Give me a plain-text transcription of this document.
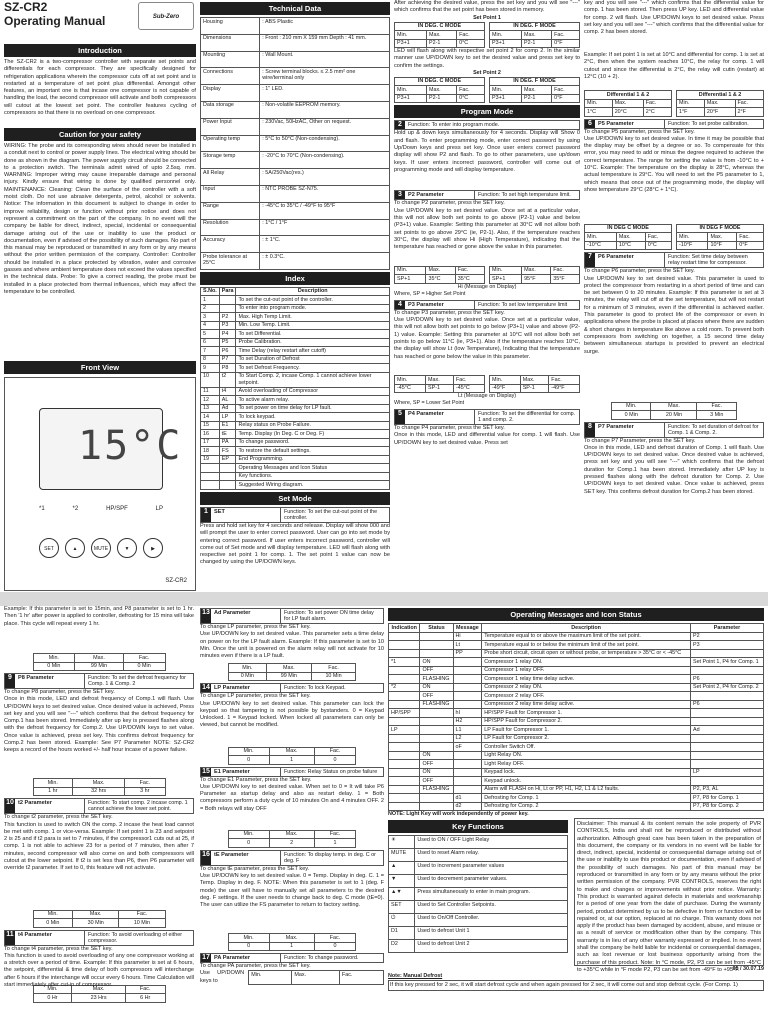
SZ-CR2
Operating Manual	Sub-Zero
Introduction
The SZ-CR2 is a two-compressor controller with separate set points and differentials for each compressor. They are specifically designed for refrigeration applications wherein the compressor cuts off at set point and is restarted at a temperature of set point plus differential. Amongst other features, an important one is that incase one compressor is not capable of handling the load, the second compressor will activate and both compressors will cutout at the lowest set point. The controller features cycling of compressors so that there is no overload on one compressor.
Caution for your safety
WIRING: The probe and its corresponding wires should never be installed in a conduit next to control or power supply lines. The electrical wiring should be done as shown in the diagram. The power supply circuit should be connected to a protection switch. The terminals admit wired of upto 2.5sq. mm. WARNING: Improper wiring may cause irreparable damage and personal injury. Kindly ensure that wiring is done by qualified personnel only. MAINTENANCE: Cleaning: Clean the surface of the controller with a soft moist cloth. Do not use abrasive detergents, petrol, alcohol or solvents. Notice: The information in this document is subject to change in order to improve reliability, design or function without prior notice and does not represent a commitment on the part of the company. In no event will the company be liable for direct, indirect, special, incidental or consequential damage arising out of the use or inability to use the product or documentation, even if advised of the possibility of such damages. No part of this manual may be reproduced or transmitted in any form or by any means without the prior written permission of the company. Controller: Controller should be installed in a place protected by vibration, water and corrosive gasses and where ambient temperature does not exceed the values specified in the technical data. Probe: To give a correct reading, the probe must be installed in a place protected from thermal influences, which may affect the temperature to be controlled.
Front View
15°C
*1	*2	HP/SPF	LP
SET	▲	MUTE	▼	▶
SZ-CR2
Technical Data
Housing	: ABS Plastic
Dimensions	: Front : 210 mm X 159 mm Depth : 41 mm.
Mounting	: Wall Mount.
Connections	: Screw terminal blocks. ≤ 2.5 mm² one wire/terminal only
Display	: 1" LED.
Data storage	: Non-volatile EEPROM memory.
Power Input	: 230Vac, 50HzAC, Other on request.
Operating temp	: 5°C to 50°C (Non-condensing).
Storage temp	: -20°C to 70°C (Non-condensing).
All Relay	: 5A/250Vac(res.)
Input	: NTC PROBE SZ-N75.
Range	: -45°C to 35°C / -49°F to 95°F
Resolution	: 1°C / 1°F
Accuracy	: ± 1°C.
Probe tolerance at 25°C	: ± 0.3°C.
Index
S.No.	Para	Description
1		To set the cut-out point of the controller.
2		To enter into program mode.
3	P2	Max. High Temp Limit.
4	P3	Min. Low Temp. Limit.
5	P4	To set Differential.
6	P5	Probe Calibration.
7	P6	Time Delay (relay restart after cutoff)
8	P7	To set Duration of Defrost
9	P8	To set Defrost Frequency.
10	t2	To Start Comp. 2, incase Comp. 1 cannot achieve lower setpoint.
11	t4	Avoid overloading of Compressor
12	AL	To active alarm relay.
13	Ad	To set power on time delay for LP fault.
14	LP	To lock keypad.
15	E1	Relay status on Probe Failure.
16	tE	Temp. Display (In Deg. C or Deg. F)
17	PA	To change password.
18	FS	To restore the default settings.
19	EP	End Programming.
		Operating Messages and Icon Status
		Key functions.
		Suggested Wiring diagram.
Set Mode
1	SET	Function: To set the cut-out point of the controller.
Press and hold set key for 4 seconds and release. Display will show 000 and will prompt the user to enter correct password. User can go into set mode by entering correct password. If user enters incorrect password, controller will come out of Set mode and will display temperature. LED will flash along with respective set point 1 for comp. 1. The set point 1 value can now be changed by using the UP/DOWN keys.
After achieving the desired value, press the set key and you will see "---" which confirms that the set point has been stored in memory.
Set Point 1
IN DEG. C MODE		
Min.	Max.	Fac.
P3+1	P2-1	0°C
IN DEG. F MODE		
Min.	Max.	Fac.
P3+1	P2-1	0°F
LED will flash along with respective set point 2 for comp 2. In the similar manner use UP/DOWN key to set the desired value and press set key to confirm the settings.
Set Point 2
IN DEG. C MODE		
Min.	Max.	Fac.
P3+1	P2-1	0°C
IN DEG. F MODE		
Min.	Max.	Fac.
P3+1	P2-1	0°F
Program Mode
2	Function: To enter into program mode.
Hold up & down keys simultaneously for 4 seconds. Display will Show 0 and flash. To enter programming mode, enter correct password by using Up/Down keys and press set key. Once user enters correct password display will show P2 and flash. To go to other parameters, use up/down keys. If user enters incorrect password, controller will come out of programming mode and will display temperature.
3	P2 Parameter	Function: To set high temperature limit.
To change P2 parameter, press the SET key.
Use UP/DOWN key to set desired value. Once set at a particular value, this will not allow both set points to go above (P2-1) value and below (P3+1) value. Example: Setting this parameter at 30°C will not allow both set points to go above 29°C (ie, P2-1). Also, if the temperature reaches 30°C, the display will show Hi (High Temperature), indicating that the temperature has reached or gone above the value in this parameter.
Min.	Max.	Fac.
SP+1	35°C	35°C
Min.	Max.	Fac.
SP+1	95°F	35°F
Hi (Message on Display)
Where, SP = Higher Set Point
4	P3 Parameter	Function: To set low temperature limit
To change P3 parameter, press the SET key.
Use UP/DOWN key to set desired value. Once set at a particular value, this will not allow both set points to go below (P3+1) value and above (P2-1) value. Example: Setting this parameter at 10°C will not allow both set points to go below 11°C (ie, P3+1). Also if the temperature reaches 10°C, the display will show Lt (low Temperature), Indicating that the temperature has reached or gone below the value in this parameter.
Min.	Max.	Fac.
-45°C	SP-1	-45°C
Min.	Max.	Fac.
-49°F	SP-1	-49°F
Lt (Message on Display)
Where, SP = Lower Set Point
5	P4 Parameter	Function: To set the differential for comp. 1 and comp. 2.
To change P4 parameter, press the SET key.
Once in this mode, LED and differential value for comp. 1 will flash. Use UP/DOWN key to set desired value. Press set
key and you will see "---" which confirms that the differential value for comp. 1 has been stored. Then press UP key. LED and differential value for comp. 2 will flash. Use UP/DOWN keys to set desired value. Press set key and you will see "---" which confirms that the differential value for comp. 2 has been stored.
Example: If set point 1 is set at 10°C and differential for comp. 1 is set at 2°C, then when the system reaches 10°C, the relay for comp. 1 will cutout and since the differential is 2°C, the relay will cutin (restart) at 12°C (10 + 2).
Differential 1 & 2		
Min.	Max.	Fac.
1°C	20°C	2°C
Differential 1 & 2		
Min.	Max.	Fac.
1°F	20°F	2°F
6	P5 Parameter	Function: To set probe calibration.
To change P5 parameter, press the SET key.
Use UP/DOWN key to set desired value. In time it may be possible that the display may be offset by a degree or so. To compensate for this error, you may need to add or minus the degree required to achieve the correct temperature. The range for setting the value is from -10°C to + 10°C. Example: The temperature on the display is 28°C, whereas the actual temperature is 29°C. You will need to set the P5 parameter to 1, which means that once out of the programming mode, the display will show temperature 29°C (28°C + 1°C).
IN DEG C MODE		
Min.	Max.	Fac.
-10°C	10°C	0°C
IN DEG F MODE		
Min.	Max.	Fac.
-10°F	10°F	0°F
7	P6 Parameter	Function: Set time delay between relay restart time for compressor.
To change P6 parameter, press the SET key.
Use UP/DOWN key to set desired value. This parameter is used to protect the compressor from restarting in a short period of time and can be set between 0 to 20 minutes. Example: If this parameter is set at 3 minutes, the relay will cut off at the set temperature, but will not restart for a minimum of 3 minutes, even if the differential is achieved earlier. This parameter is good to protect life of the compressor or even in applications where the probe is placed at places where there are sudden & short changes in temperature like above a cold room. To prevent both compressors from switching on together, a 15 second time delay between simultaneous startups is provided to prevent an electrical surge.
Min.	Max.	Fac.
0 Min	20 Min	3 Min
8	P7 Parameter	Function: To set duration of defrost for Comp. 1 & Comp. 2.
To change P7 Parameter, press the SET key.
Once in this mode, LED and defrost duration of Comp. 1 will flash. Use UP/DOWN keys to set desired value. Once desired value is achieved, press set key and you will see "---" which confirms that the defrost duration for Comp.1 has been stored. Immediately after UP key is pressed flashes along with the defrost duration for Comp. 2. Use UP/DOWN keys to set desired value. Once value is achieved, press SET key. This confirms defrost duration for Comp.2 has been stored.
Example: If this parameter is set to 15min, and P8 parameter is set to 1 hr. Then '1 hr' after power is applied to controller, defrosting for 15 mins will take place. This cycle will repeat every 1 hr.
Min.	Max.	Fac.
0 Min	99 Min	0 Min
9	P8 Parameter	Function: To set the defrost frequency for Comp. 1 & Comp. 2
To change P8 parameter, press the SET key.
Once in this mode, LED and defrost frequency of Comp.1 will flash. Use UP/DOWN keys to set desired value. Once desired value is achieved, Press set key and you will see "---" which confirms that the defrost frequency for Comp.1 has been stored. Immediately after up key is pressed flashes along with the defrost frequency for Comp.2. Use UP/DOWN keys to set value. Once value is achieved, press set key. This confirms defrost frequency for Comp.2 has been stored. Example: See P7 Parameter NOTE: SZ-CR2 keeps a record of the hours worked +/- half hour incase of a power failure.
Min.	Max.	Fac.
1 hr	32 hrs	3 hr
10 t2 Parameter	Function: To start comp. 2 incase comp. 1 cannot achieve the lower set point.
To change t2 parameter, press the SET key.
This function is used to switch ON the comp. 2 incase the heat load cannot be met with comp. 1 or vice-versa. Example: If set point 1 is 23 and setpoint 2 is 25 and if t2 para is set to 7 minutes, if the compressor1 cuts out at 25, if comp. 1 is not able to achieve 23 for a period of 7 minutes, then after 7 minutes, second compressor will also come on and both compressors will cutout at the lower setpoint. If t2 is set less than P6, then P6 parameter will override t2 parameter. If set to 0, this feature will not activate.
Min.	Max.	Fac.
0 Min	30 Min	10 Min
11 t4 Parameter	Function: To avoid overloading of either compressor.
To change t4 parameter, press the SET key.
This function is used to avoid overloading of any one compressor working at a stretch over a period of time. Example: If this parameter is set at 6 hours, the setpoint, differential & time delay of both compressors will interchange after 6 hours if the interchange will occur every 6 hours. Time Calculation will start immediately after cut-in of compressor.
Min.	Max.	Fac.
0 Hr	23 Hrs	6 Hr
13 Ad Parameter	Function: To set power ON time delay for LP fault alarm.
To change LP parameter, press the SET key.
Use UP/DOWN key to set desired value. This parameter sets a time delay on power on for the LP fault alarm. Example: If this parameter is set to 10 Min. Once the unit is powered on the alarm relay will not activate for 10 minutes even if there is a LP fault.
Min.	Max.	Fac.
0 Min	99 Min	10 Min
14 LP Parameter	Function: To lock Keypad.
To change LP parameter, press the SET key.
Use UP/DOWN key to set desired value. This parameter can lock the keypad so that tampering is not possible by bystanders. 0 = Keypad Unlocked. 1 = Keypad locked. When locked all parameters can only be viewed, but cannot be modified.
Min.	Max.	Fac.
0	1	0
15 E1 Parameter	Function: Relay Status on probe failure
To change E1 Parameter, press the SET key.
Use UP/DOWN key to set desired value. When set to 0 = It will take P6 Parameter as startup delay and also as restart delay. 1 = Both compressors perform a duty cycle of 10 minutes On and 4 minutes OFF. 2 = Both relays will stay OFF
Min.	Max.	Fac.
0	2	1
16 tE Parameter	Function: To display temp. in deg. C or deg. F
To change tE parameter, press the SET key.
Use UP/DOWN key to set desired value. 0 = Temp. Display in deg. C. 1 = Temp. Display in deg. F. NOTE: When this parameter is set to 1 (deg. F mode) the user will have to manually set all parameters to the desired deg. F settings. If the user needs to change back to deg. C mode (tE=0). The user can utilize the FS parameter to return to factory setting.
Min.	Max.	Fac.
0	1	0
17 PA Parameter	Function: To change password.
To change PA parameter, press the SET key.
Use UP/DOWN keys to
Min.	Max.	Fac.
Operating Messages and Icon Status
Indication	Status	Message	Description	Parameter
		Hi	Temperature equal to or above the maximum limit of the set point.	P2
		Lt	Temperature equal to or below the minimum limit of the set point.	P3
		PP	Probe short circuit, circuit open or without probe, or temperature > 35°C or < -45°C	
*1	ON		Compressor 1 relay ON.	Set Point 1, P4 for Comp. 1
	OFF		Compressor 1 relay OFF.	
	FLASHING		Compressor 1 relay time delay active.	P6
*2	ON		Compressor 2 relay ON.	Set Point 2, P4 for Comp. 2
	OFF		Compressor 2 relay OFF.	
	FLASHING		Compressor 2 relay time delay active.	P6
HP/SPP		hI	HP/SPP Fault for Compressor 1.	
		H2	HP/SPP Fault for Compressor 2.	
LP		L1	LP Fault for Compressor 1.	Ad
		L2	LP Fault for Compressor 2.	
		oF	Controller Switch Off.	
	ON		Light Relay ON.	
	OFF		Light Relay OFF.	
	ON		Keypad lock.	LP
	OFF		Keypad unlock.	
	FLASHING		Alarm will FLASH on Hi, Lt or PP, H1, H2, L1 & L2 faults.	P2, P3, AL
		d1	Defrosting for Comp. 1	P7, P8 for Comp. 1
		d2	Defrosting for Comp. 2	P7, P8 for Comp. 2
NOTE: Light Key will work independently of power key.
Key Functions
☀	Used to ON / OFF Light Relay
MUTE	Used to reset Alarm relay.
▲	Used to increment parameter values
▼	Used to decrement parameter values.
▲▼	Press simultaneously to enter in main program.
SET	Used to Set Controller Setpoints.
⏻	Used to On/Off Controller.
D1	Used to defrost Unit 1
D2	Used to defrost Unit 2
Disclaimer: This manual & its content remain the sole property of PVR CONTROLS, India and shall not be reproduced or distributed without authorization. Although great care has been taken in the preparation of this document, the company or its vendors in no event will be liable for direct, indirect, special, incidental or consequential damage arising out of the use or inability to use this product or documentation, even if advised of the possibility of such damages. No part of this manual may be reproduced or transmitted in any form or by any means without the prior written permission of the company. PVR CONTROLS, reserves the right to make and changes or improvements without prior notice. Warranty: This product is warranted against defects in materials and workmanship for a period of one year from the date of purchase. During the warranty period, product determined by us to be defective in form or function will be repaired or, at our option, replaced at no charge. This warranty does not apply if the product has been damaged by accident, abuse, and misuse or as a result of service or modification other than by the company. This warranty is in lieu of any other warranty expressed or implied. In no event shall the company be held liable for incidental or consequential damages, such as lost revenue or lost business opportunity arising from the purchase of this product. Note: In °C mode, P2, P3 can be set from -45°C to +35°C while in °F mode P2, P3 can be set from -49°F to +95°F.
05 / 30.07.19
Note: Manual Defrost
If this key pressed for 2 sec, it will start defrost cycle and when again pressed for 2 sec, it will come out and stop defrost cycle. (For Comp. 1)
